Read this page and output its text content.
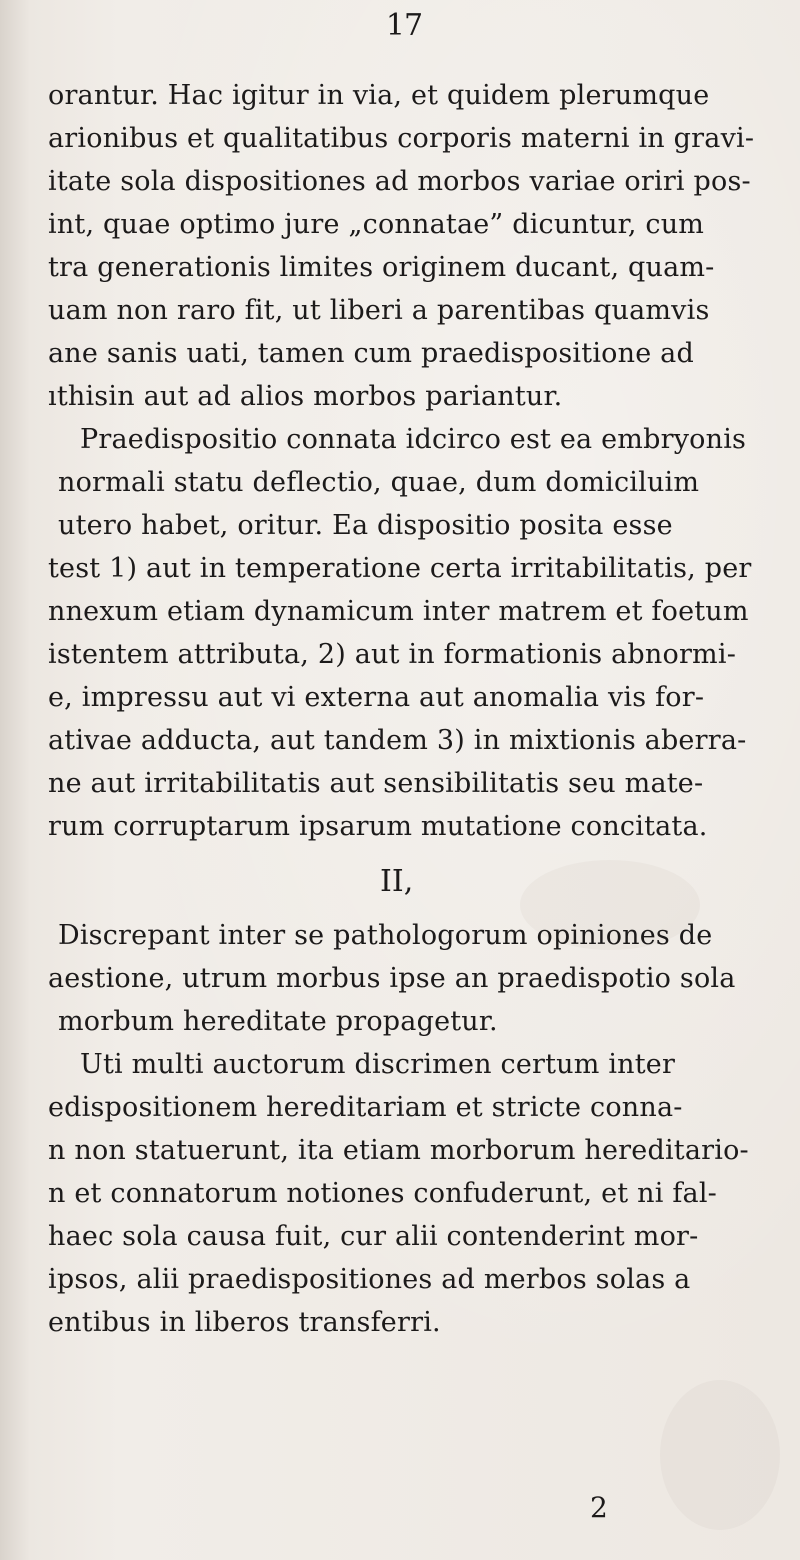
17
orantur. Hac igitur in via, et quidem plerumque
arionibus et qualitatibus corporis materni in gravi-
itate sola dispositiones ad morbos variae oriri pos-
int, quae optimo jure „connatae” dicuntur, cum
tra generationis limites originem ducant, quam-
uam non raro fit, ut liberi a parentibas quamvis
ane sanis uati, tamen cum praedispositione ad
ıthisin aut ad alios morbos pariantur.
Praedispositio connata idcirco est ea embryonis
normali statu deflectio, quae, dum domiciluim
utero habet, oritur. Ea dispositio posita esse
test 1) aut in temperatione certa irritabilitatis, per
nnexum etiam dynamicum inter matrem et foetum
istentem attributa, 2) aut in formationis abnormi-
e, impressu aut vi externa aut anomalia vis for-
ativae adducta, aut tandem 3) in mixtionis aberra-
ne aut irritabilitatis aut sensibilitatis seu mate-
rum corruptarum ipsarum mutatione concitata.
II,
Discrepant inter se pathologorum opiniones de
aestione, utrum morbus ipse an praedispotio sola
morbum hereditate propagetur.
Uti multi auctorum discrimen certum inter
edispositionem hereditariam et stricte conna-
n non statuerunt, ita etiam morborum hereditario-
n et connatorum notiones confuderunt, et ni fal-
haec sola causa fuit, cur alii contenderint mor-
ipsos, alii praedispositiones ad merbos solas a
entibus in liberos transferri.
2
